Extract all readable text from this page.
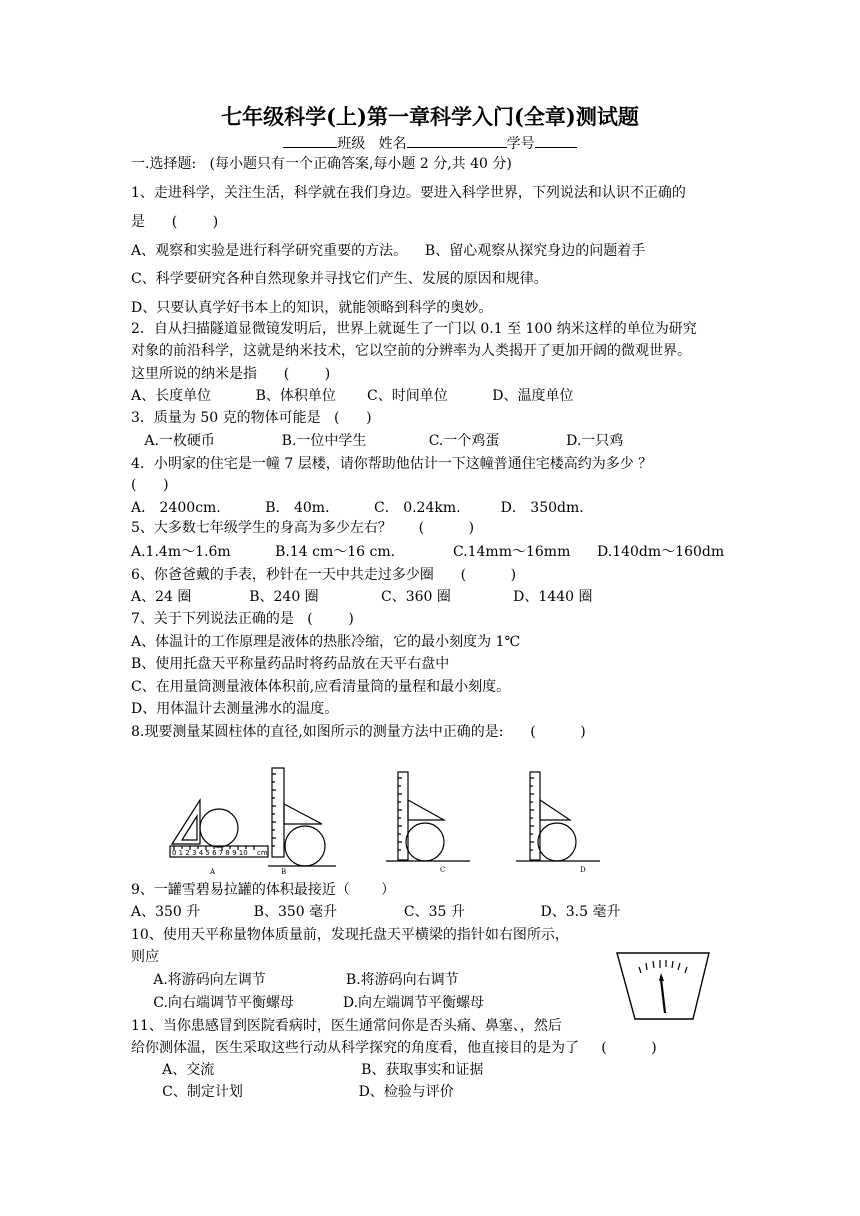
七年级科学(上)第一章科学入门(全章)测试题
班级 姓名	学号
一.选择题:   (每小题只有一个正确答案,每小题 2 分,共 40 分)
1、走进科学，关注生活，科学就在我们身边。要进入科学世界，下列说法和认识不正确的
是      (        )
A、观察和实验是进行科学研究重要的方法。    B、留心观察从探究身边的问题着手
C、科学要研究各种自然现象并寻找它们产生、发展的原因和规律。
D、只要认真学好书本上的知识，就能领略到科学的奥妙。
2．自从扫描隧道显微镜发明后，世界上就诞生了一门以 0.1 至 100 纳米这样的单位为研究
对象的前沿科学，这就是纳米技术，它以空前的分辨率为人类揭开了更加开阔的微观世界。
这里所说的纳米是指      (        )
A、长度单位          B、体积单位       C、时间单位          D、温度单位
3．质量为 50 克的物体可能是   (      )
A.一枚硬币               B.一位中学生              C.一个鸡蛋               D.一只鸡
4．小明家的住宅是一幢 7 层楼，请你帮助他估计一下这幢普通住宅楼高约为多少 ？
(      )
A． 2400cm.          B． 40m.          C． 0.24km.         D． 350dm.
5、大多数七年级学生的身高为多少左右？      (          )
A.1.4m～1.6m          B.14 cm～16 cm.             C.14mm～16mm      D.140dm～160dm
6、你爸爸戴的手表，秒针在一天中共走过多少圈      (          )
A、24 圈             B、240 圈              C、360 圈              D、1440 圈
7、关于下列说法正确的是   (        )
A、体温计的工作原理是液体的热胀冷缩，它的最小刻度为 1℃
B、使用托盘天平称量药品时将药品放在天平右盘中
C、在用量筒测量液体体积前,应看清量筒的量程和最小刻度。
D、用体温计去测量沸水的温度。
8.现要测量某圆柱体的直径,如图所示的测量方法中正确的是:      (          )
0 1 2 3 4 5 6 7 8 9 10 cm
A	B	C	D
9、一罐雪碧易拉罐的体积最接近（       ）
A、350 升            B、350 毫升               C、35 升                 D、3.5 毫升
10、使用天平称量物体质量前，发现托盘天平横梁的指针如右图所示，
则应
A.将游码向左调节                  B.将游码向右调节
C.向右端调节平衡螺母           D.向左端调节平衡螺母
11、当你患感冒到医院看病时，医生通常问你是否头痛、鼻塞、，然后
给你测体温，医生采取这些行动从科学探究的角度看，他直接目的是为了     (          )
A、交流                                 B、获取事实和证据
C、制定计划                          D、检验与评价
